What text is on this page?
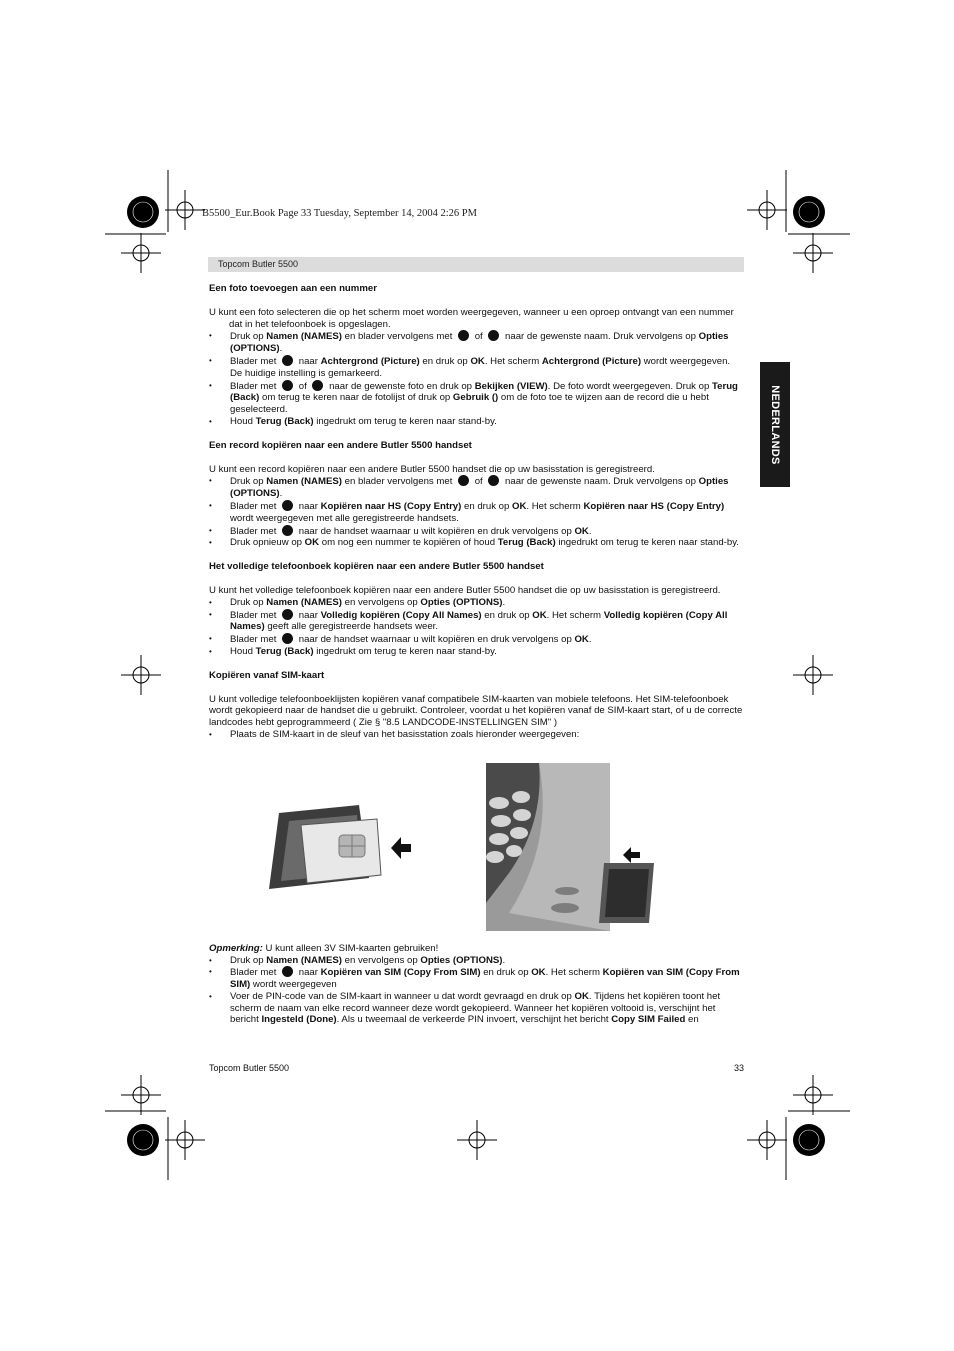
B5500_Eur.Book Page 33 Tuesday, September 14, 2004 2:26 PM
Topcom Butler 5500
NEDERLANDS
Een foto toevoegen aan een nummer

U kunt een foto selecteren die op het scherm moet worden weergegeven, wanneer u een oproep ontvangt van een nummer dat in het telefoonboek is opgeslagen.

• Druk op Namen (NAMES) en blader vervolgens met  of  naar de gewenste naam. Druk vervolgens op Opties (OPTIONS).
• Blader met  naar Achtergrond (Picture) en druk op OK. Het scherm Achtergrond (Picture) wordt weergegeven. De huidige instelling is gemarkeerd.
• Blader met  of  naar de gewenste foto en druk op Bekijken (VIEW). De foto wordt weergegeven. Druk op Terug (Back) om terug te keren naar de fotolijst of druk op Gebruik () om de foto toe te wijzen aan de record die u hebt geselecteerd.
• Houd Terug (Back) ingedrukt om terug te keren naar stand-by.
Een record kopiëren naar een andere Butler 5500 handset

U kunt een record kopiëren naar een andere Butler 5500 handset die op uw basisstation is geregistreerd.

• Druk op Namen (NAMES) en blader vervolgens met  of  naar de gewenste naam. Druk vervolgens op Opties (OPTIONS).
• Blader met  naar Kopiëren naar HS (Copy Entry) en druk op OK. Het scherm Kopiëren naar HS (Copy Entry) wordt weergegeven met alle geregistreerde handsets.
• Blader met  naar de handset waarnaar u wilt kopiëren en druk vervolgens op OK.
• Druk opnieuw op OK om nog een nummer te kopiëren of houd Terug (Back) ingedrukt om terug te keren naar stand-by.
Het volledige telefoonboek kopiëren naar een andere Butler 5500 handset

U kunt het volledige telefoonboek kopiëren naar een andere Butler 5500 handset die op uw basisstation is geregistreerd.

• Druk op Namen (NAMES) en vervolgens op Opties (OPTIONS).
• Blader met  naar Volledig kopiëren (Copy All Names) en druk op OK. Het scherm Volledig kopiëren (Copy All Names) geeft alle geregistreerde handsets weer.
• Blader met  naar de handset waarnaar u wilt kopiëren en druk vervolgens op OK.
• Houd Terug (Back) ingedrukt om terug te keren naar stand-by.
Kopiëren vanaf SIM-kaart

U kunt volledige telefoonboeklijsten kopiëren vanaf compatibele SIM-kaarten van mobiele telefoons. Het SIM-telefoonboek wordt gekopieerd naar de handset die u gebruikt. Controleer, voordat u het kopiëren vanaf de SIM-kaart start, of u de correcte landcodes hebt geprogrammeerd ( Zie § "8.5 LANDCODE-INSTELLINGEN SIM" )

• Plaats de SIM-kaart in de sleuf van het basisstation zoals hieronder weergegeven:

Opmerking: U kunt alleen 3V SIM-kaarten gebruiken!

• Druk op Namen (NAMES) en vervolgens op Opties (OPTIONS).
• Blader met  naar Kopiëren van SIM (Copy From SIM) en druk op OK. Het scherm Kopiëren van SIM (Copy From SIM) wordt weergegeven
• Voer de PIN-code van de SIM-kaart in wanneer u dat wordt gevraagd en druk op OK. Tijdens het kopiëren toont het scherm de naam van elke record wanneer deze wordt gekopieerd. Wanneer het kopiëren voltooid is, verschijnt het bericht Ingesteld (Done). Als u tweemaal de verkeerde PIN invoert, verschijnt het bericht Copy SIM Failed en
Topcom Butler 5500	33
